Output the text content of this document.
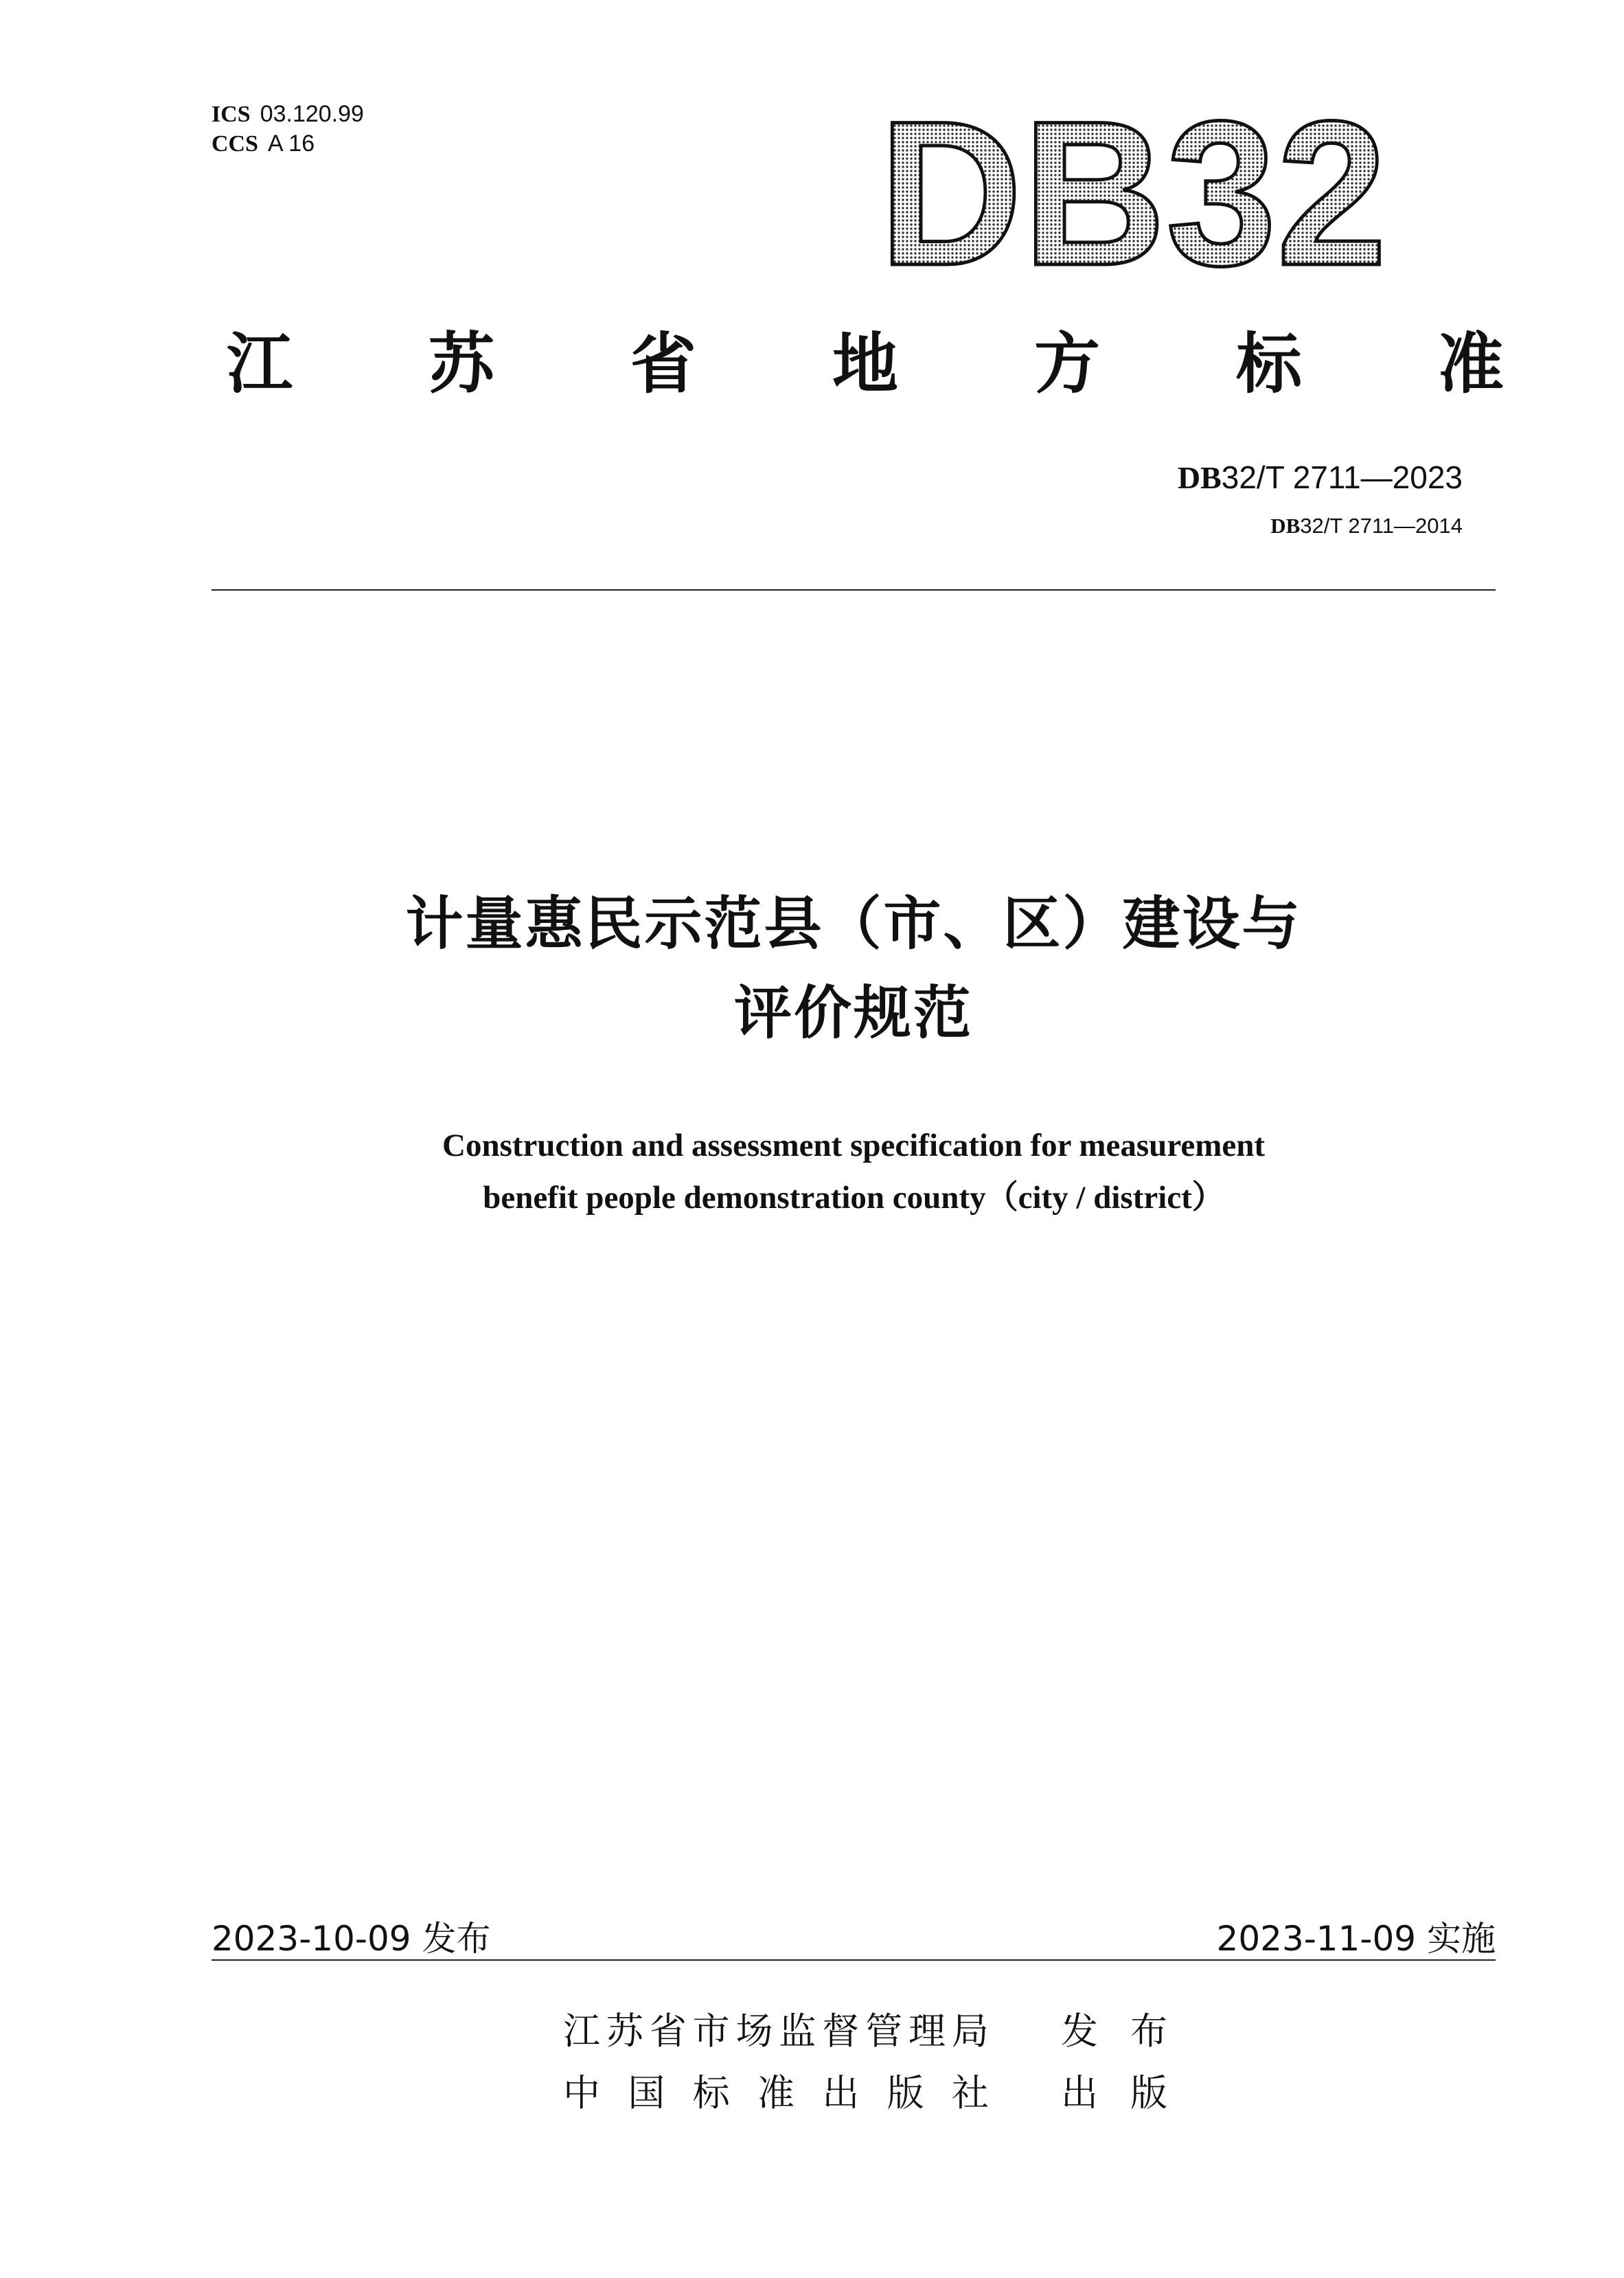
ICS 03.120.99
CCS A 16	DB32
江 苏 省 地 方 标 准
DB32/T 2711—2023
DB32/T 2711—2014
计量惠民示范县（市、区）建设与
评价规范
Construction and assessment specification for measurement
benefit people demonstration county（city / district）
2023-10-09 发布	2023-11-09 实施
江 苏 省 市 场 监 督 管 理 局 发 布
中 国 标 准 出 版 社 出 版
